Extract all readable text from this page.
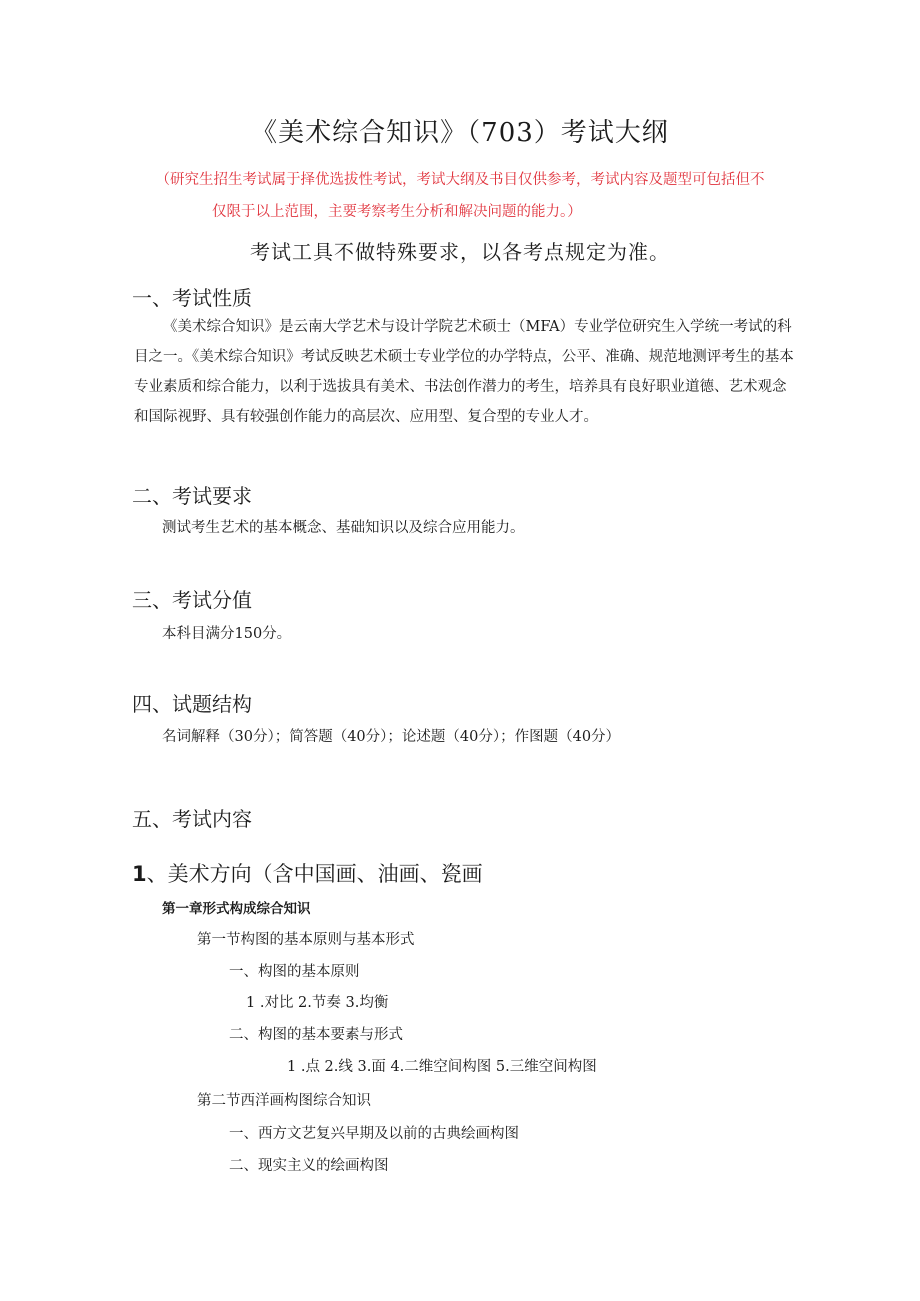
《美术综合知识》（703）考试大纲
（研究生招生考试属于择优选拔性考试，考试大纲及书目仅供参考，考试内容及题型可包括但不
仅限于以上范围，主要考察考生分析和解决问题的能力。）
考试工具不做特殊要求，以各考点规定为准。
一、考试性质
《美术综合知识》是云南大学艺术与设计学院艺术硕士（MFA）专业学位研究生入学统一考试的科目之一。《美术综合知识》考试反映艺术硕士专业学位的办学特点，公平、准确、规范地测评考生的基本专业素质和综合能力，以利于选拔具有美术、书法创作潜力的考生，培养具有良好职业道德、艺术观念和国际视野、具有较强创作能力的高层次、应用型、复合型的专业人才。
二、考试要求
测试考生艺术的基本概念、基础知识以及综合应用能力。
三、考试分值
本科目满分150分。
四、试题结构
名词解释（30分）；简答题（40分）；论述题（40分）；作图题（40分）
五、考试内容
1、美术方向（含中国画、油画、瓷画
第一章形式构成综合知识
第一节构图的基本原则与基本形式
一、构图的基本原则
1 .对比 2.节奏 3.均衡
二、构图的基本要素与形式
1 .点 2.线 3.面 4.二维空间构图 5.三维空间构图
第二节西洋画构图综合知识
一、西方文艺复兴早期及以前的古典绘画构图
二、现实主义的绘画构图
